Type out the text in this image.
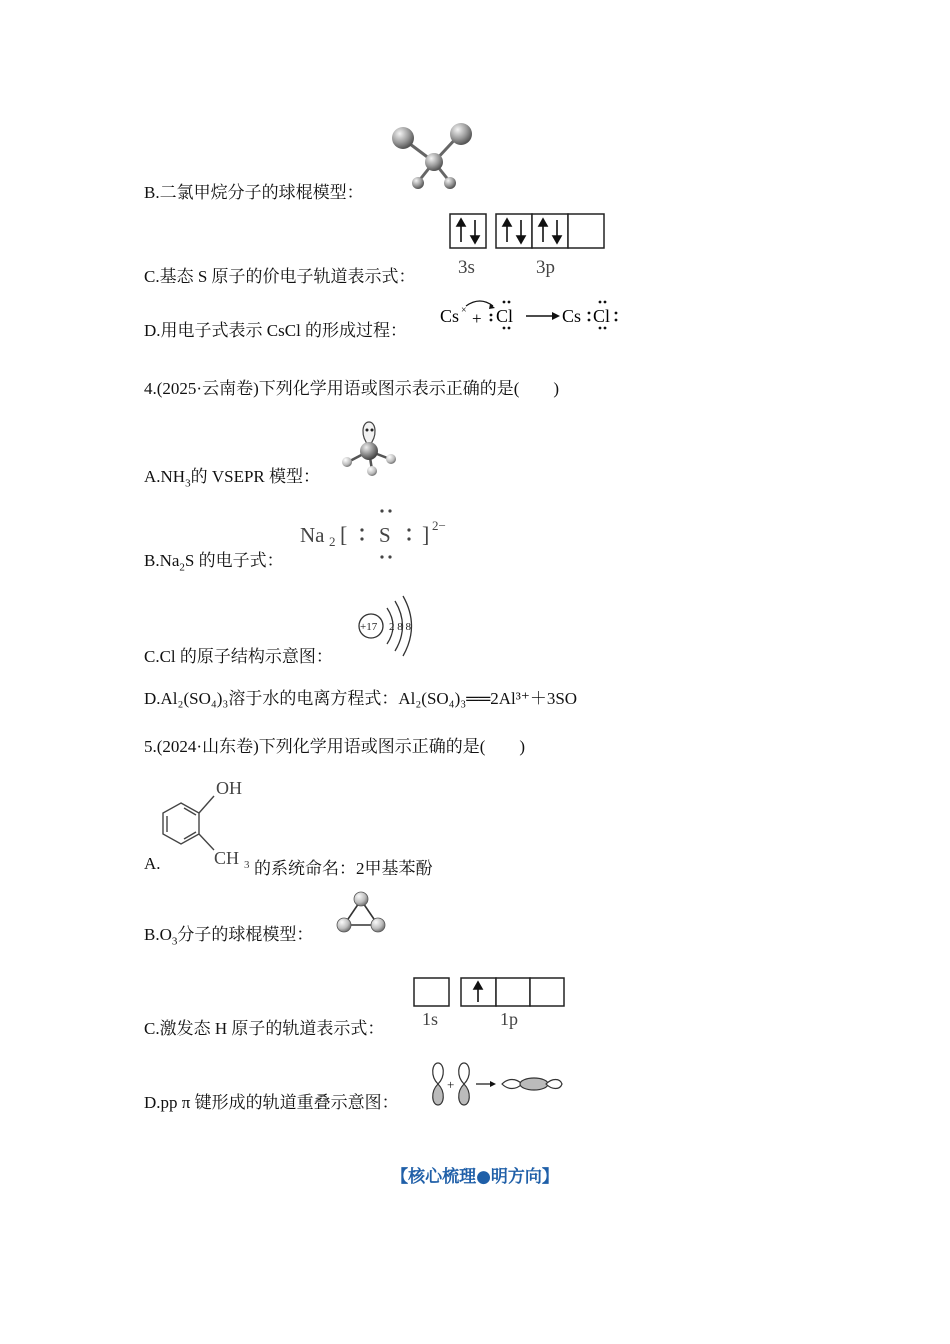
B.二氯甲烷分子的球棍模型：
C.基态 S 原子的价电子轨道表示式： 3s	3p
D.用电子式表示 CsCl 的形成过程：
Cs × + Cl	Cs Cl
4.(2025·云南卷)下列化学用语或图示表示正确的是(　　)
$A.NH_3$的 VSEPR 模型：
$B.Na_2S$ 的电子式：
Na 2 [ S ] 2−
C.Cl 的原子结构示意图：
+17 2 8 8
D.Al₂(SO₄)₃溶于水的电离方程式：Al₂(SO₄)₃══2Al³⁺＋3SO
5.(2024·山东卷)下列化学用语或图示正确的是(　　)
A.
OH
CH 3 的系统命名：2甲基苯酚
$B.O_3$分子的球棍模型：
C.激发态 H 原子的轨道表示式： 1s	1p
D.pp π 键形成的轨道重叠示意图：
+
【核心梳理●明方向】
